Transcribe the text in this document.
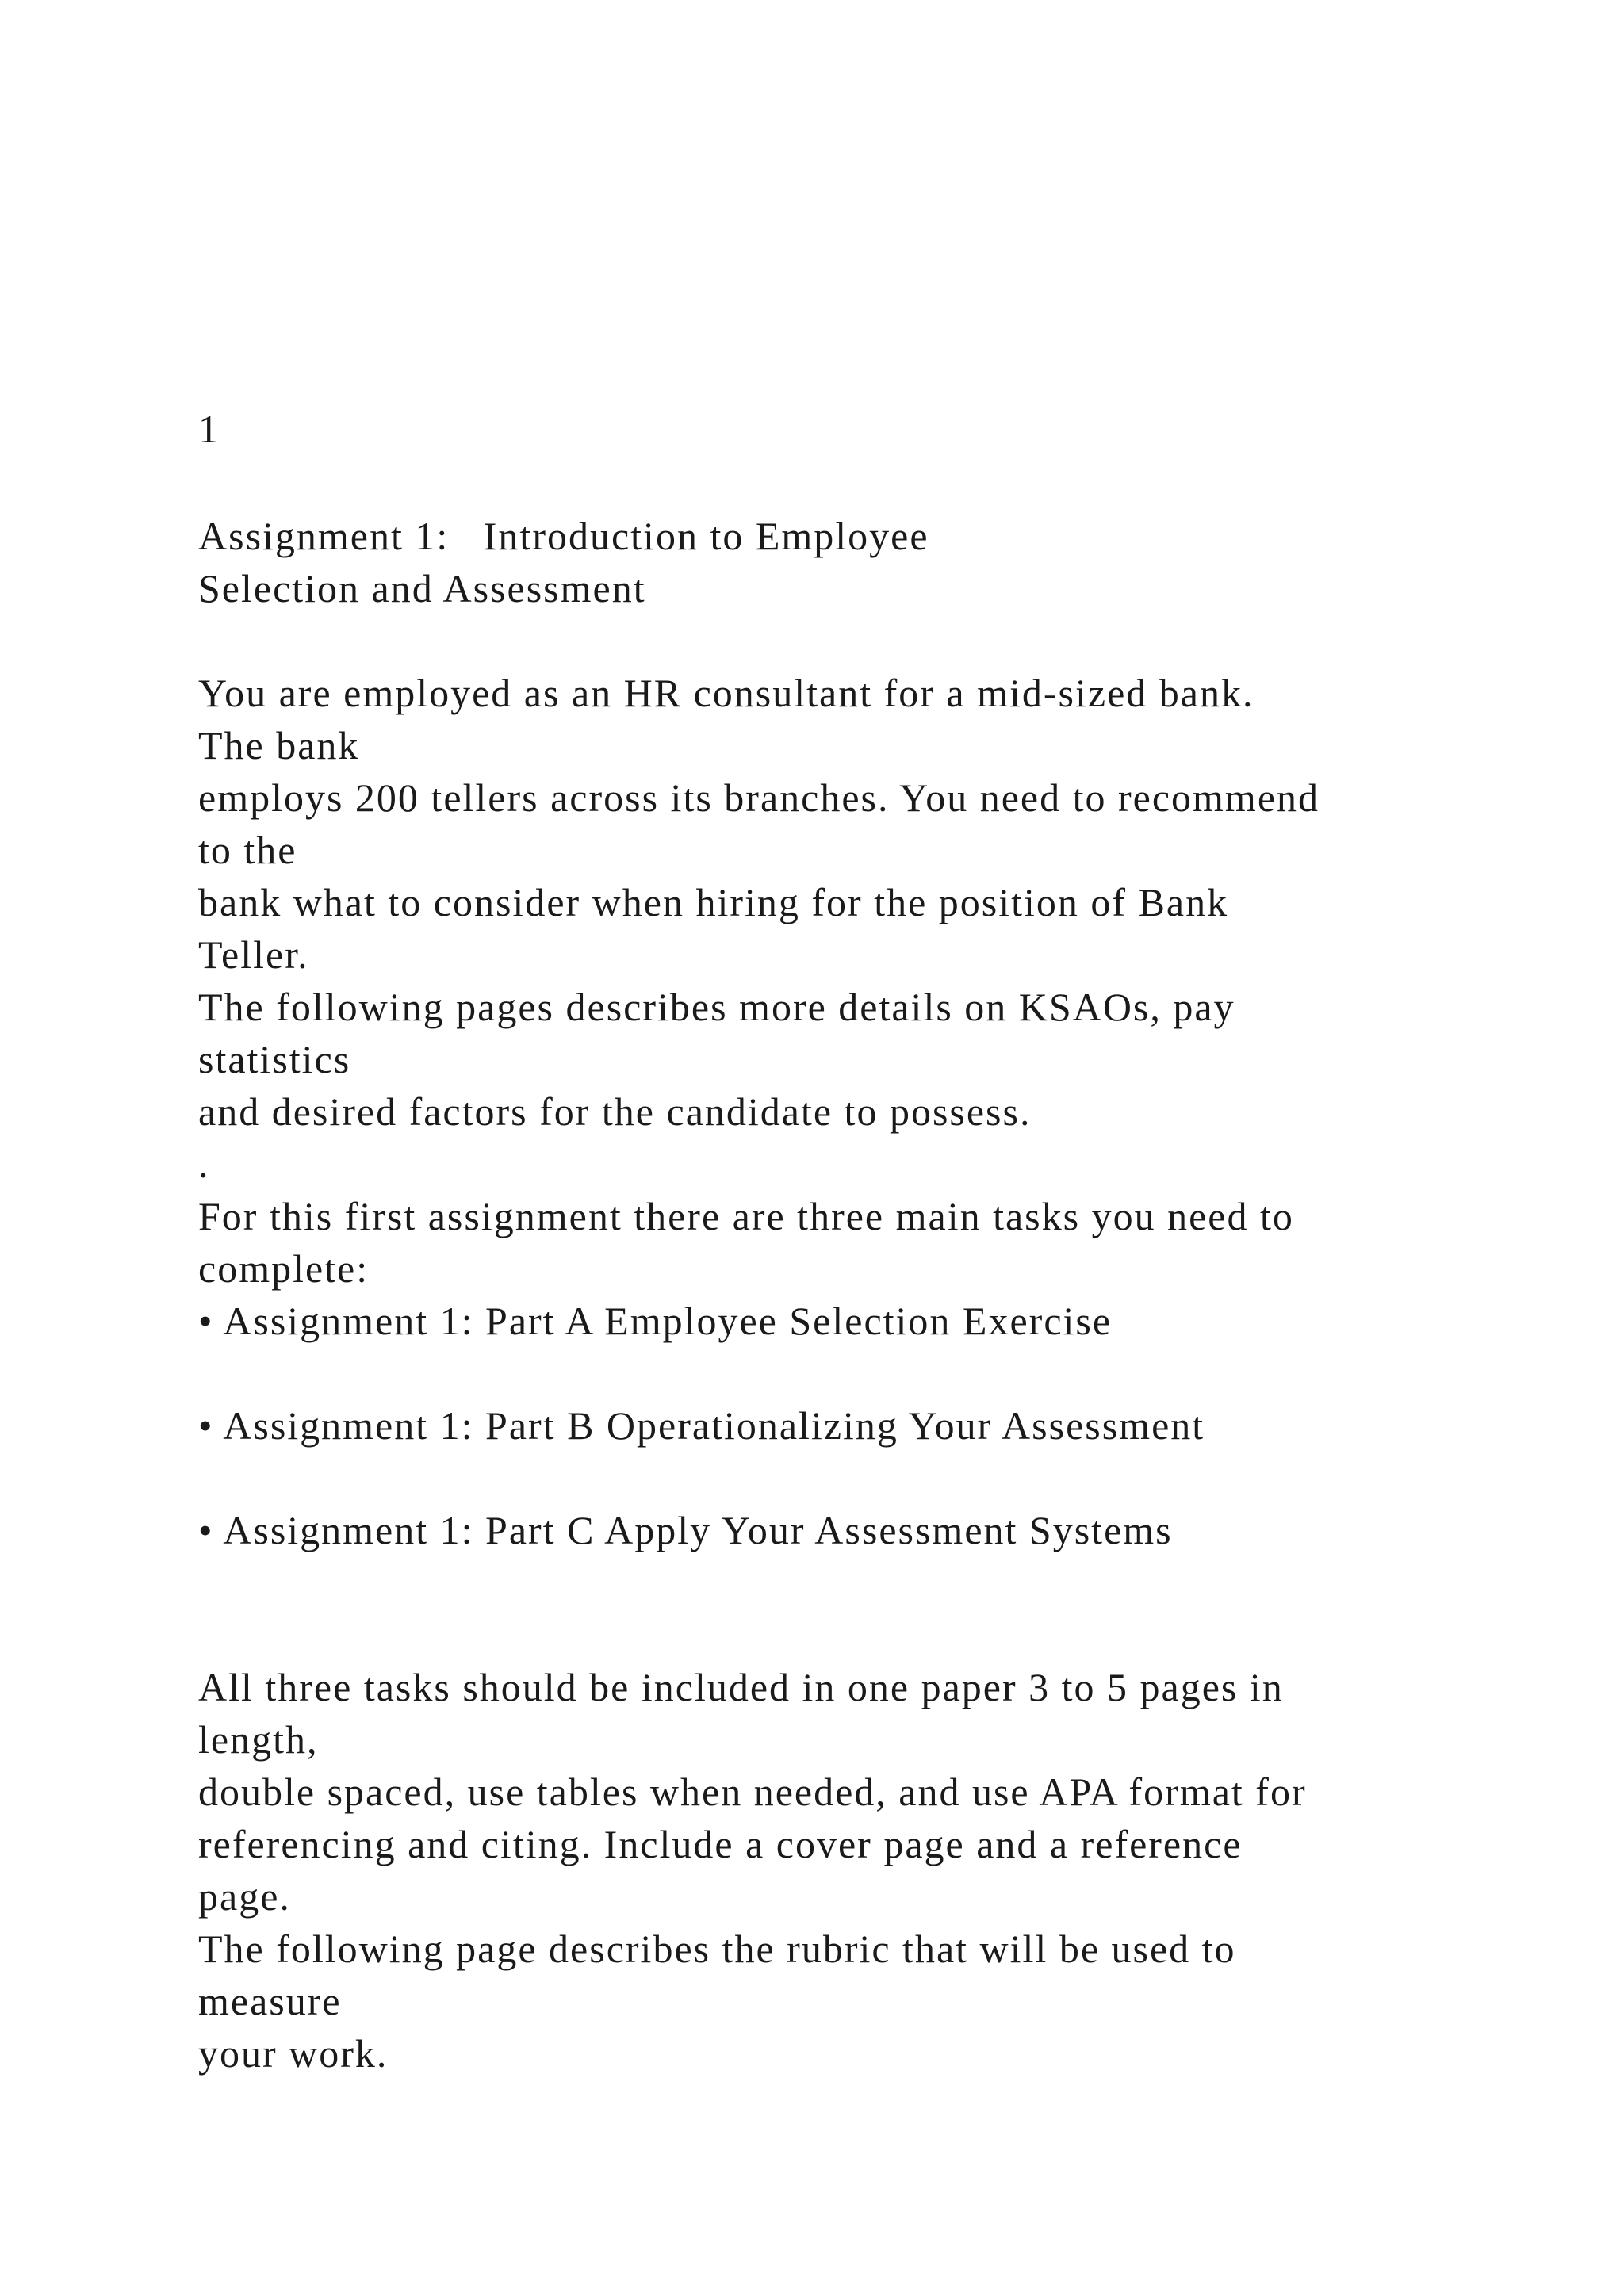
1

Assignment 1:   Introduction to Employee

Selection and Assessment

You are employed as an HR consultant for a mid-sized bank.

The bank

employs 200 tellers across its branches. You need to recommend

to the

bank what to consider when hiring for the position of Bank

Teller.

The following pages describes more details on KSAOs, pay

statistics

and desired factors for the candidate to possess.

.

For this first assignment there are three main tasks you need to

complete:

• Assignment 1: Part A Employee Selection Exercise

• Assignment 1: Part B Operationalizing Your Assessment

• Assignment 1: Part C Apply Your Assessment Systems

All three tasks should be included in one paper 3 to 5 pages in

length,

double spaced, use tables when needed, and use APA format for

referencing and citing. Include a cover page and a reference

page.

The following page describes the rubric that will be used to

measure

your work.
